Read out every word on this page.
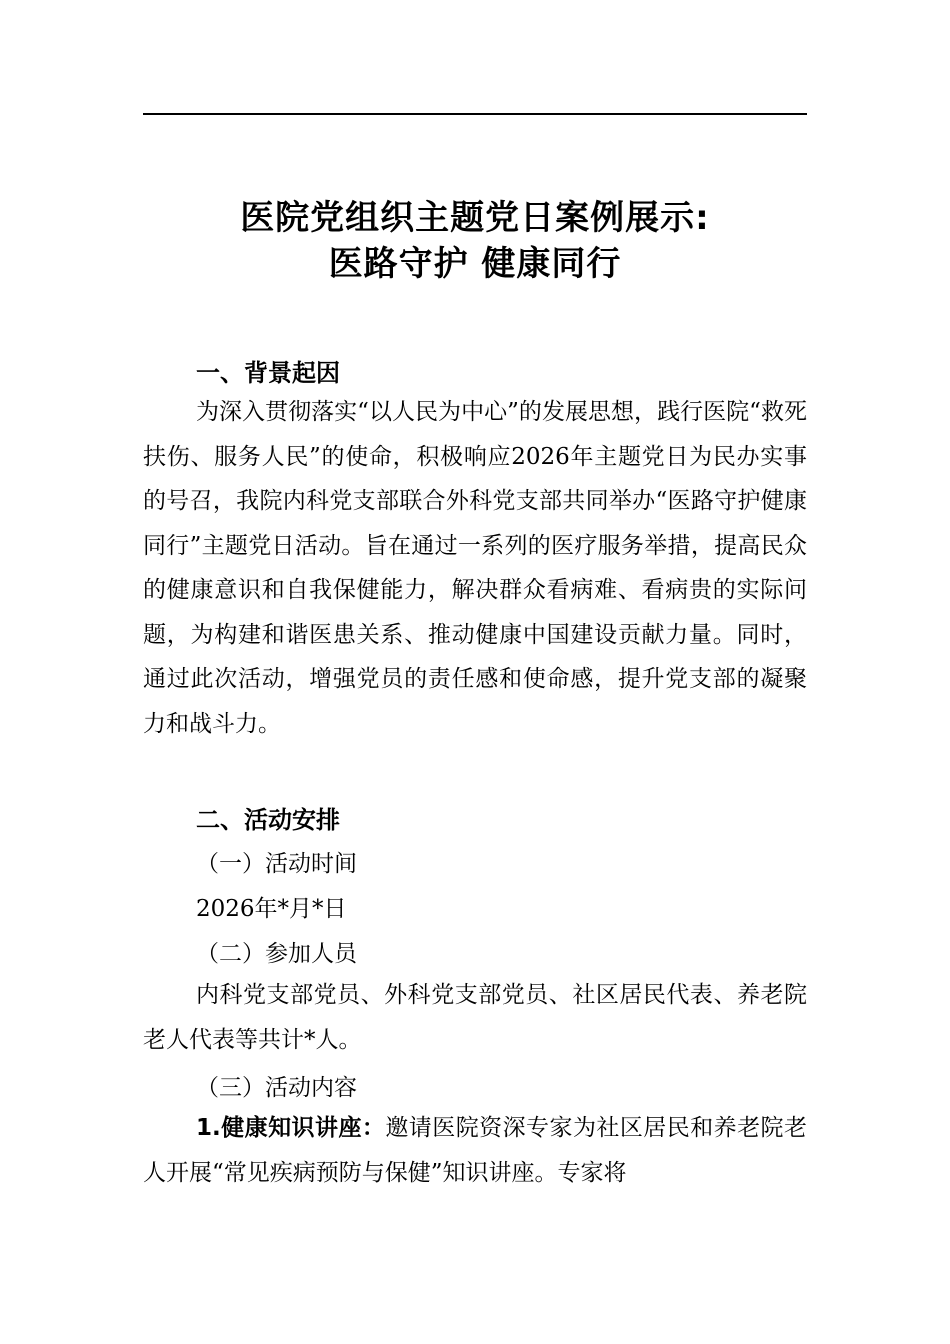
医院党组织主题党日案例展示:
医路守护 健康同行
一、背景起因
为深入贯彻落实“以人民为中心”的发展思想，践行医院“救死扶伤、服务人民”的使命，积极响应2026年主题党日为民办实事的号召，我院内科党支部联合外科党支部共同举办“医路守护健康同行”主题党日活动。旨在通过一系列的医疗服务举措，提高民众的健康意识和自我保健能力，解决群众看病难、看病贵的实际问题，为构建和谐医患关系、推动健康中国建设贡献力量。同时，通过此次活动，增强党员的责任感和使命感，提升党支部的凝聚力和战斗力。
二、活动安排
（一）活动时间
2026年*月*日
（二）参加人员
内科党支部党员、外科党支部党员、社区居民代表、养老院老人代表等共计*人。
（三）活动内容
1.健康知识讲座：邀请医院资深专家为社区居民和养老院老人开展“常见疾病预防与保健”知识讲座。专家将
